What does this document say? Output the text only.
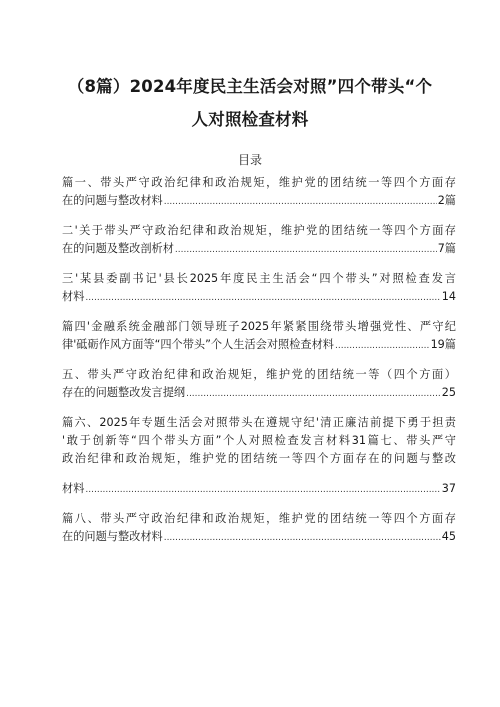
（8篇）2024年度民主生活会对照”四个带头“个
人对照检查材料
目录
篇一、带头严守政治纪律和政治规矩，维护党的团结统一等四个方面存
在的问题与整改材料 .....	2篇
二'关于带头严守政治纪律和政治规矩，维护党的团结统一等四个方面存
在的问题及整改剖析材 .....	7篇
三'某县委副书记'县长2025年度民主生活会“四个带头”对照检查发言
材料 .....	14
篇四'金融系统金融部门领导班子2025年紧紧围绕带头增强党性、严守纪
律'砥砺作风方面等“四个带头”个人生活会对照检查材料 .....	19篇
五、带头严守政治纪律和政治规矩，维护党的团结统一等（四个方面）
存在的问题整改发言提纲 .....	25
篇六、2025年专题生活会对照带头在遵规守纪'清正廉洁前提下勇于担责
'敢于创新等“四个带头方面”个人对照检查发言材料31篇七、带头严守
政治纪律和政治规矩，维护党的团结统一等四个方面存在的问题与整改
材料 .....	37
篇八、带头严守政治纪律和政治规矩，维护党的团结统一等四个方面存
在的问题与整改材料 .....	45
